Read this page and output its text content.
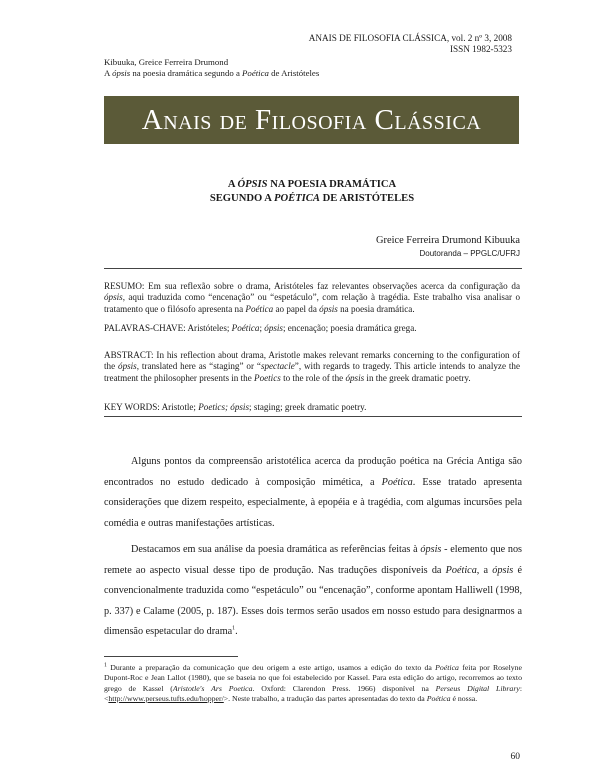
ANAIS DE FILOSOFIA CLÁSSICA, vol. 2 nº 3, 2008
ISSN 1982-5323
Kibuuka, Greice Ferreira Drumond
A ópsis na poesia dramática segundo a Poética de Aristóteles
Anais de Filosofia Clássica
A ÓPSIS NA POESIA DRAMÁTICA
SEGUNDO A POÉTICA DE ARISTÓTELES
Greice Ferreira Drumond Kibuuka
Doutoranda – PPGLC/UFRJ
RESUMO: Em sua reflexão sobre o drama, Aristóteles faz relevantes observações acerca da configuração da ópsis, aqui traduzida como “encenação” ou “espetáculo”, com relação à tragédia. Este trabalho visa analisar o tratamento que o filósofo apresenta na Poética ao papel da ópsis na poesia dramática.
PALAVRAS-CHAVE: Aristóteles; Poética; ópsis; encenação; poesia dramática grega.
ABSTRACT: In his reflection about drama, Aristotle makes relevant remarks concerning to the configuration of the ópsis, translated here as “staging” or “spectacle”, with regards to tragedy. This article intends to analyze the treatment the philosopher presents in the Poetics to the role of the ópsis in the greek dramatic poetry.
KEY WORDS: Aristotle; Poetics; ópsis; staging; greek dramatic poetry.

Alguns pontos da compreensão aristotélica acerca da produção poética na Grécia Antiga são encontrados no estudo dedicado à composição mimética, a Poética. Esse tratado apresenta considerações que dizem respeito, especialmente, à epopéia e à tragédia, com algumas incursões pela comédia e outras manifestações artísticas.

Destacamos em sua análise da poesia dramática as referências feitas à ópsis - elemento que nos remete ao aspecto visual desse tipo de produção. Nas traduções disponíveis da Poética, a ópsis é convencionalmente traduzida como “espetáculo” ou “encenação”, conforme apontam Halliwell (1998, p. 337) e Calame (2005, p. 187). Esses dois termos serão usados em nosso estudo para designarmos a dimensão espetacular do drama$^1$.

$^1$ Durante a preparação da comunicação que deu origem a este artigo, usamos a edição do texto da Poética feita por Roselyne Dupont-Roc e Jean Lallot (1980), que se baseia no que foi estabelecido por Kassel. Para esta edição do artigo, recorremos ao texto grego de Kassel (Aristotle's Ars Poetica. Oxford: Clarendon Press. 1966) disponível na Perseus Digital Library: <http://www.perseus.tufts.edu/hopper/>. Neste trabalho, a tradução das partes apresentadas do texto da Poética é nossa.
60
